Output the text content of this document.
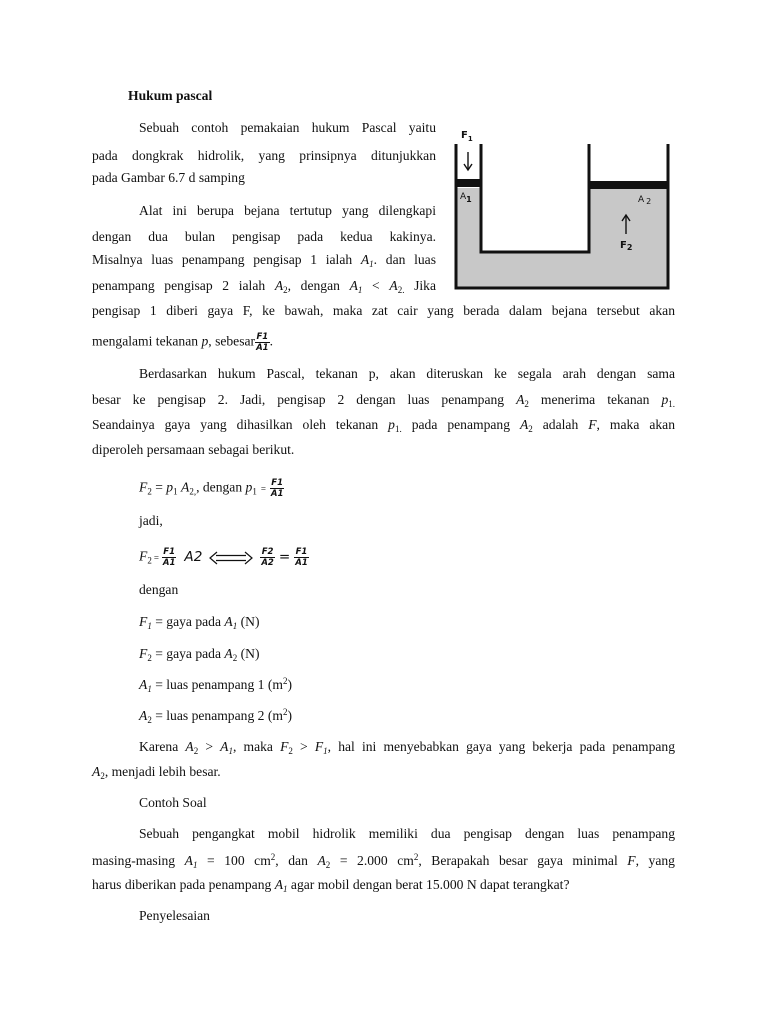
Hukum pascal
Sebuah contoh pemakaian hukum Pascal yaitu
pada dongkrak hidrolik, yang prinsipnya ditunjukkan
pada Gambar 6.7 d samping
Alat ini berupa bejana tertutup yang dilengkapi
dengan dua bulan pengisap pada kedua kakinya.
Misalnya luas penampang pengisap 1 ialah $A_1$. dan luas
penampang pengisap 2 ialah $A_2$, dengan $A_1 < A_{2.}$ Jika
pengisap 1 diberi gaya F, ke bawah, maka zat cair yang berada dalam bejana tersebut akan
mengalami tekanan p, sebesar $\frac{F1}{A1}$ .
Berdasarkan hukum Pascal, tekanan p, akan diteruskan ke segala arah dengan sama
besar ke pengisap 2. Jadi, pengisap 2 dengan luas penampang $A_2$ menerima tekanan $p_{1.}$
Seandainya gaya yang dihasilkan oleh tekanan $p_{1.}$ pada penampang $A_2$ adalah F, maka akan
diperoleh persamaan sebagai berikut.
$F_2 = p_1$ $A_{2,}$, dengan $p_1 = \frac{F1}{A1}$
jadi,
$F_2 = \frac{F1}{A1} A2$	$\frac{F2}{A2} = \frac{F1}{A1}$
dengan
$F_1$ = gaya pada $A_1$ (N)
$F_2$ = gaya pada $A_2$ (N)
$A_1$ = luas penampang 1 $(m^2)$
$A_2$ = luas penampang 2 $(m^2)$
Karena $A_2 > A_1$, maka $F_2 > F_1$, hal ini menyebabkan gaya yang bekerja pada penampang
$A_2$, menjadi lebih besar.
Contoh Soal
Sebuah pengangkat mobil hidrolik memiliki dua pengisap dengan luas penampang
masing-masing $A_1 = 100$ $cm^2$, dan $A_2 = 2.000$ $cm^2$, Berapakah besar gaya minimal F, yang
harus diberikan pada penampang $A_1$ agar mobil dengan berat 15.000 N dapat terangkat?
Penyelesaian
$F_1$
A1	A 2
$F_2$
